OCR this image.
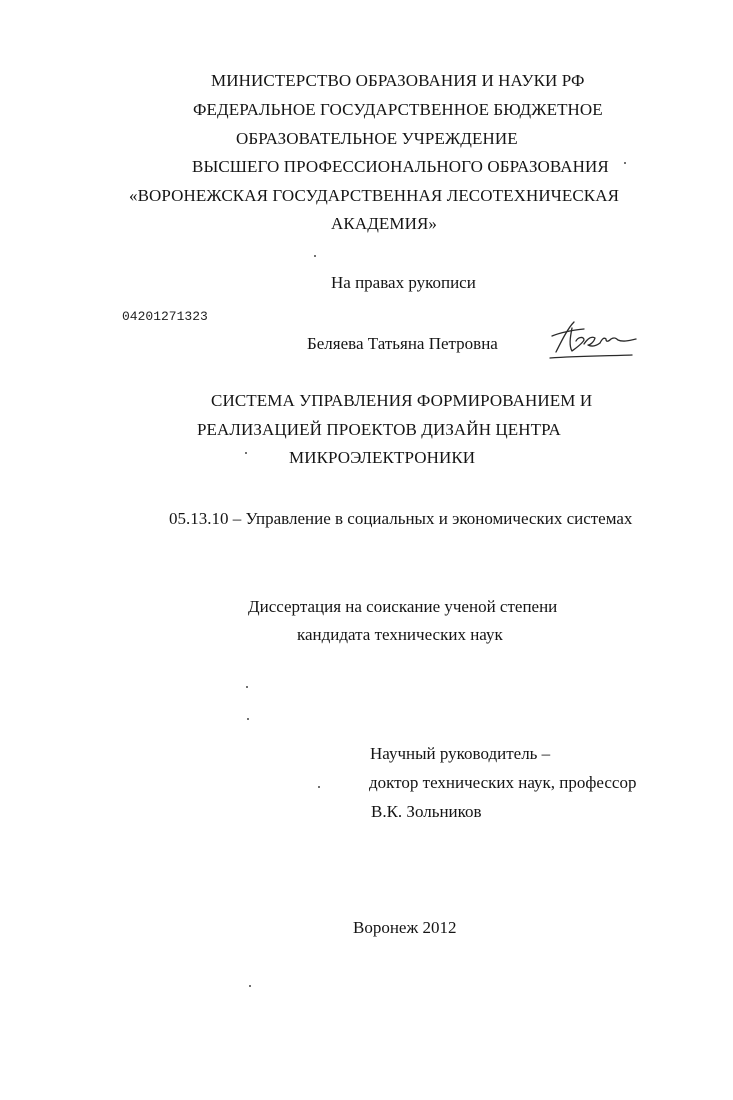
МИНИСТЕРСТВО ОБРАЗОВАНИЯ И НАУКИ РФ
ФЕДЕРАЛЬНОЕ ГОСУДАРСТВЕННОЕ БЮДЖЕТНОЕ
ОБРАЗОВАТЕЛЬНОЕ УЧРЕЖДЕНИЕ
ВЫСШЕГО ПРОФЕССИОНАЛЬНОГО ОБРАЗОВАНИЯ
«ВОРОНЕЖСКАЯ ГОСУДАРСТВЕННАЯ ЛЕСОТЕХНИЧЕСКАЯ
АКАДЕМИЯ»
На правах рукописи
04201271323
Беляева Татьяна Петровна
СИСТЕМА УПРАВЛЕНИЯ ФОРМИРОВАНИЕМ И
РЕАЛИЗАЦИЕЙ ПРОЕКТОВ ДИЗАЙН ЦЕНТРА
МИКРОЭЛЕКТРОНИКИ
05.13.10 – Управление в социальных и экономических системах
Диссертация на соискание ученой степени
кандидата технических наук
Научный руководитель –
доктор технических наук, профессор
В.К. Зольников
Воронеж 2012
